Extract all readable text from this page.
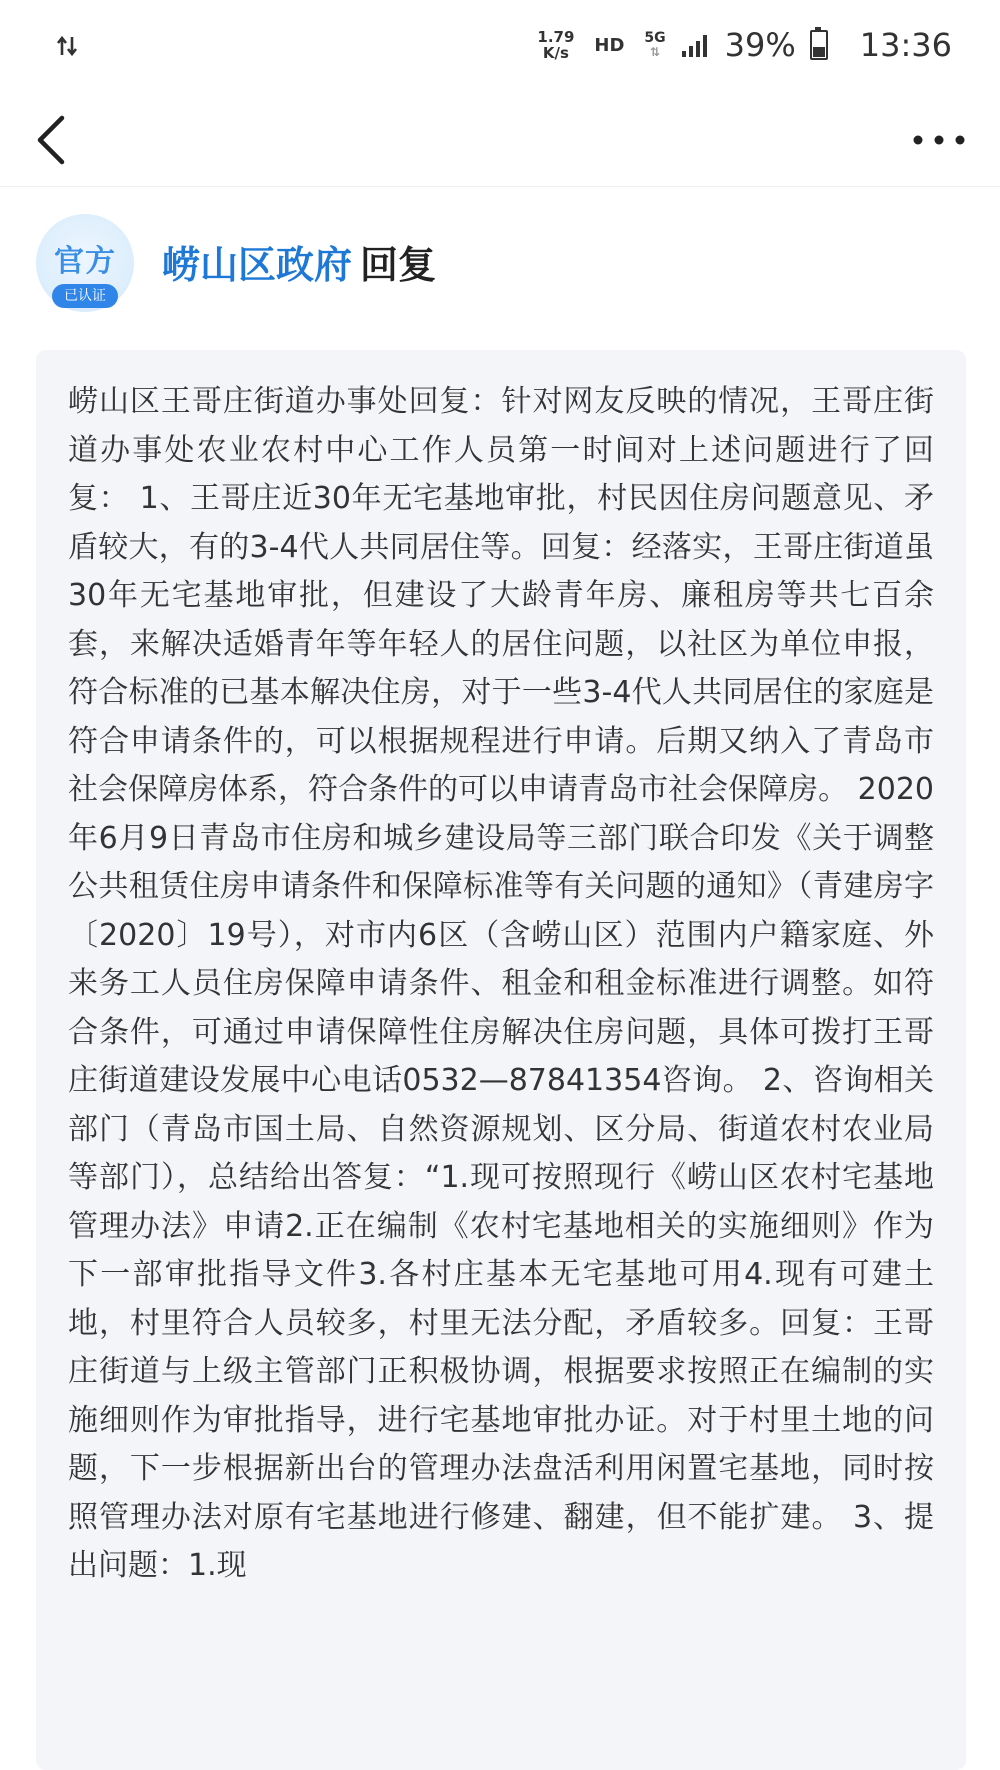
1.79
K/s HD 5G
⇅ 39% 13:36
官方
已认证
崂山区政府 回复
崂山区王哥庄街道办事处回复：针对网友反映的情况，王哥庄街道办事处农业农村中心工作人员第一时间对上述问题进行了回复： 1、王哥庄近30年无宅基地审批，村民因住房问题意见、矛盾较大，有的3-4代人共同居住等。回复：经落实，王哥庄街道虽30年无宅基地审批，但建设了大龄青年房、廉租房等共七百余套，来解决适婚青年等年轻人的居住问题，以社区为单位申报，符合标准的已基本解决住房，对于一些3-4代人共同居住的家庭是符合申请条件的，可以根据规程进行申请。后期又纳入了青岛市社会保障房体系，符合条件的可以申请青岛市社会保障房。 2020年6月9日青岛市住房和城乡建设局等三部门联合印发《关于调整公共租赁住房申请条件和保障标准等有关问题的通知》（青建房字〔2020〕19号），对市内6区（含崂山区）范围内户籍家庭、外来务工人员住房保障申请条件、租金和租金标准进行调整。如符合条件，可通过申请保障性住房解决住房问题，具体可拨打王哥庄街道建设发展中心电话0532—87841354咨询。 2、咨询相关部门（青岛市国土局、自然资源规划、区分局、街道农村农业局等部门），总结给出答复：“1.现可按照现行《崂山区农村宅基地管理办法》申请2.正在编制《农村宅基地相关的实施细则》作为下一部审批指导文件3.各村庄基本无宅基地可用4.现有可建土地，村里符合人员较多，村里无法分配，矛盾较多。回复：王哥庄街道与上级主管部门正积极协调，根据要求按照正在编制的实施细则作为审批指导，进行宅基地审批办证。对于村里土地的问题，下一步根据新出台的管理办法盘活利用闲置宅基地，同时按照管理办法对原有宅基地进行修建、翻建，但不能扩建。 3、提出问题：1.现
